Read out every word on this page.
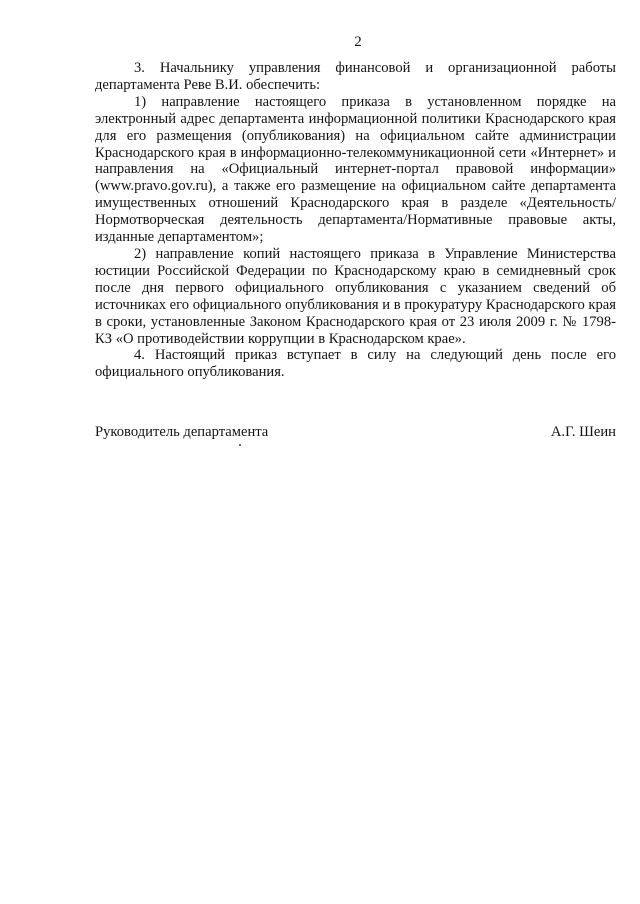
2

3. Начальнику управления финансовой и организационной работы департамента Реве В.И. обеспечить:

1) направление настоящего приказа в установленном порядке на электронный адрес департамента информационной политики Краснодарского края для его размещения (опубликования) на официальном сайте администрации Краснодарского края в информационно-телекоммуникационной сети «Интернет» и направления на «Официальный интернет-портал правовой информации» (www.pravo.gov.ru), а также его размещение на официальном сайте департамента имущественных отношений Краснодарского края в разделе «Деятельность/Нормотворческая деятельность департамента/Нормативные правовые акты, изданные департаментом»;

2) направление копий настоящего приказа в Управление Министерства юстиции Российской Федерации по Краснодарскому краю в семидневный срок после дня первого официального опубликования с указанием сведений об источниках его официального опубликования и в прокуратуру Краснодарского края в сроки, установленные Законом Краснодарского края от 23 июля 2009 г. № 1798-КЗ «О противодействии коррупции в Краснодарском крае».

4. Настоящий приказ вступает в силу на следующий день после его официального опубликования.

Руководитель департамента	А.Г. Шеин
